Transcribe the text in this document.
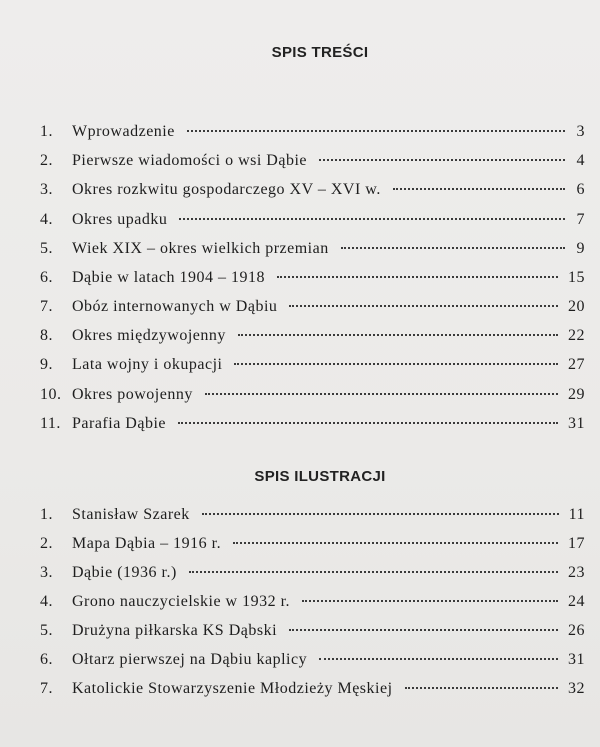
SPIS TREŚCI
1.	Wprowadzenie	3
2.	Pierwsze wiadomości o wsi Dąbie	4
3.	Okres rozkwitu gospodarczego XV – XVI w.	6
4.	Okres upadku	7
5.	Wiek XIX – okres wielkich przemian	9
6.	Dąbie w latach 1904 – 1918	15
7.	Obóz internowanych w Dąbiu	20
8.	Okres międzywojenny	22
9.	Lata wojny i okupacji	27
10. Okres powojenny	29
11. Parafia Dąbie	31
SPIS ILUSTRACJI
1.	Stanisław Szarek	11
2.	Mapa Dąbia – 1916 r.	17
3.	Dąbie (1936 r.)	23
4.	Grono nauczycielskie w 1932 r.	24
5.	Drużyna piłkarska KS Dąbski	26
6.	Ołtarz pierwszej na Dąbiu kaplicy	31
7.	Katolickie Stowarzyszenie Młodzieży Męskiej	32
